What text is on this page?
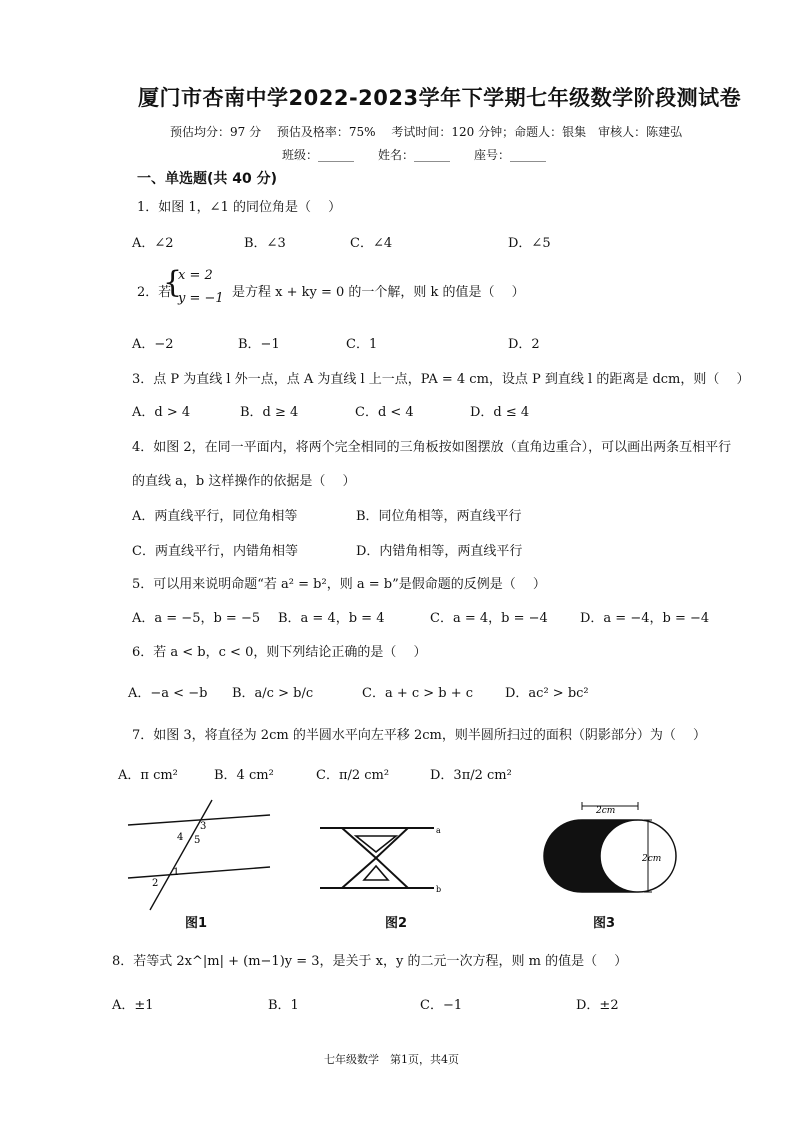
厦门市杏南中学2022-2023学年下学期七年级数学阶段测试卷
预估均分：97 分　 预估及格率：75%　 考试时间：120 分钟；命题人：银集　审核人：陈建弘
班级：______　　姓名：______　　座号：______
一、单选题(共 40 分)
1．如图 1，∠1 的同位角是（　 ）
A．∠2	B．∠3	C．∠4	D．∠5
2．若
{
x = 2
y = −1 是方程 x + ky = 0 的一个解，则 k 的值是（　 ）
A．−2	B．−1	C．1	D．2
3．点 P 为直线 l 外一点，点 A 为直线 l 上一点，PA = 4 cm，设点 P 到直线 l 的距离是 dcm，则（　 ）
A．d > 4	B．d ≥ 4	C．d < 4	D．d ≤ 4
4．如图 2，在同一平面内，将两个完全相同的三角板按如图摆放（直角边重合），可以画出两条互相平行
的直线 a，b 这样操作的依据是（　 ）
A．两直线平行，同位角相等	B．同位角相等，两直线平行
C．两直线平行，内错角相等	D．内错角相等，两直线平行
5．可以用来说明命题“若 a² = b²，则 a = b”是假命题的反例是（　 ）
A．a = −5，b = −5 B．a = 4，b = 4	C．a = 4，b = −4 D．a = −4，b = −4
6．若 a < b，c < 0，则下列结论正确的是（　 ）
A．−a < −b B．a/c > b/c	C．a + c > b + c D．ac² > bc²
7．如图 3，将直径为 2cm 的半圆水平向左平移 2cm，则半圆所扫过的面积（阴影部分）为（　 ）
A．π cm²	B．4 cm²	C．π/2 cm²	D．3π/2 cm²
4
3
5
1
2
图1
a
b
图2
2cm
2cm
图3
8．若等式 2x^|m| + (m−1)y = 3，是关于 x，y 的二元一次方程，则 m 的值是（　 ）
A．±1	B．1	C．−1	D．±2
七年级数学　第1页，共4页
